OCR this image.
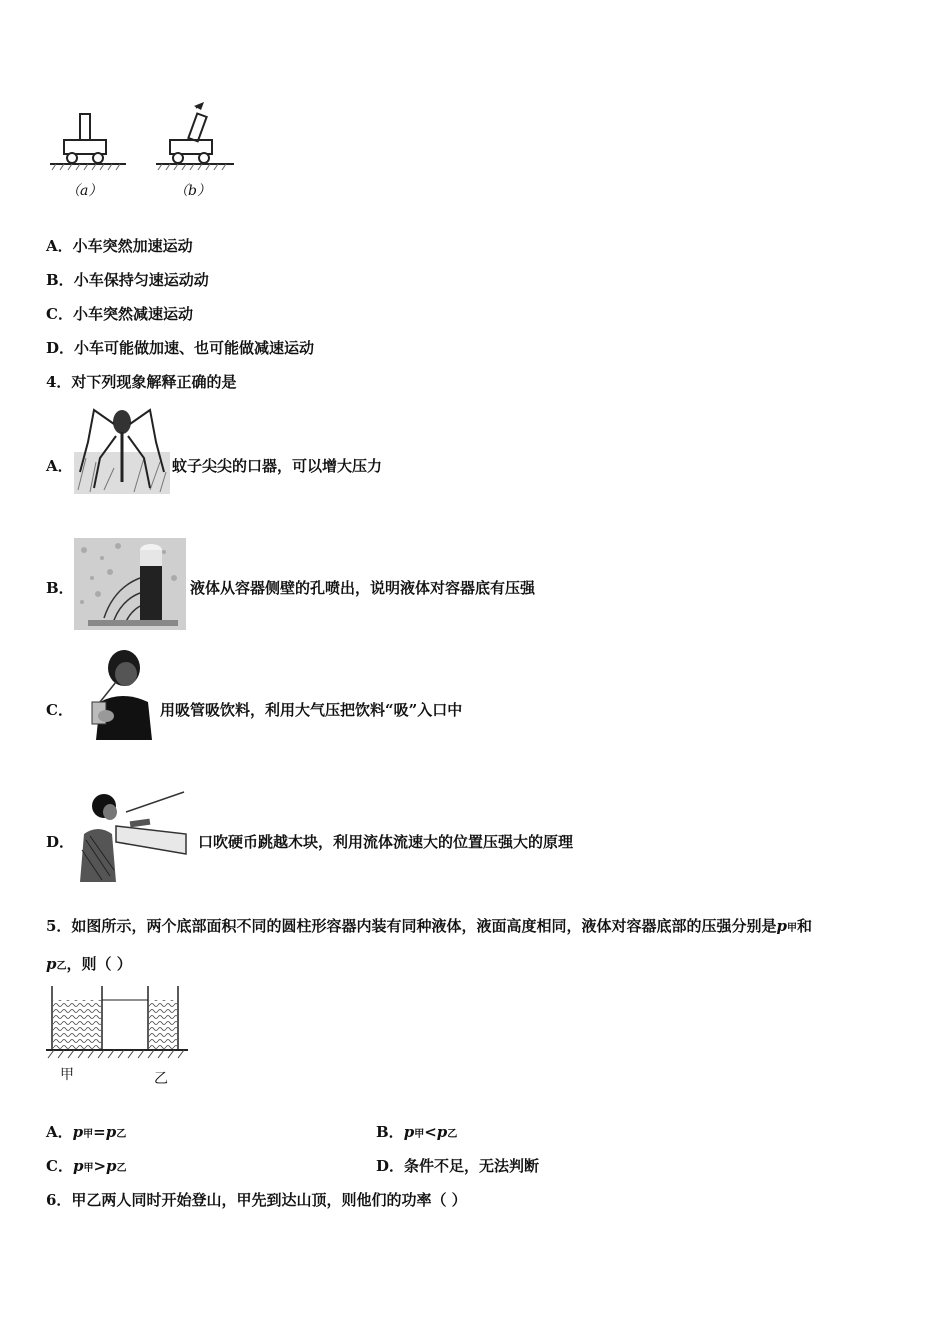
（a）	（b）
A．小车突然加速运动
B．小车保持匀速运动动
C．小车突然减速运动
D．小车可能做加速、也可能做减速运动
4．对下列现象解释正确的是
A．	蚊子尖尖的口器，可以增大压力
B．	液体从容器侧壁的孔喷出，说明液体对容器底有压强
C．	用吸管吸饮料，利用大气压把饮料“吸”入口中
D．	口吹硬币跳越木块，利用流体流速大的位置压强大的原理
5．如图所示，两个底部面积不同的圆柱形容器内装有同种液体，液面高度相同，液体对容器底部的压强分别是p甲和
p乙，则（ ）
甲	乙
A．p甲=p乙	B．p甲<p乙
C．p甲>p乙	D．条件不足，无法判断
6．甲乙两人同时开始登山，甲先到达山顶，则他们的功率（ ）
